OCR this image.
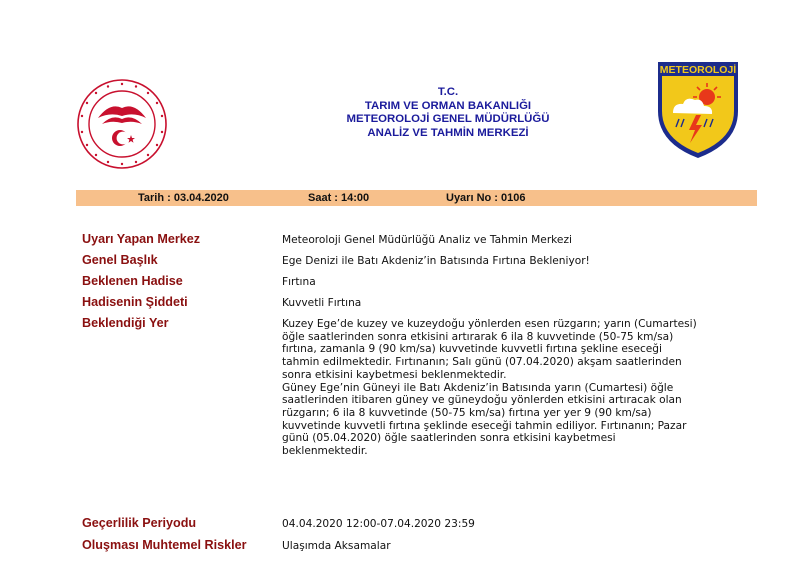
T.C.
TARIM VE ORMAN BAKANLIĞI
METEOROLOJİ GENEL MÜDÜRLÜĞÜ
ANALİZ VE TAHMİN MERKEZİ
METEOROLOJİ
Tarih : 03.04.2020	Saat : 14:00	Uyarı No : 0106
Uyarı Yapan Merkez	Meteoroloji Genel Müdürlüğü Analiz ve Tahmin Merkezi
Genel Başlık	Ege Denizi ile Batı Akdeniz’in Batısında Fırtına Bekleniyor!
Beklenen Hadise	Fırtına
Hadisenin Şiddeti	Kuvvetli Fırtına
Beklendiği Yer	Kuzey Ege’de kuzey ve kuzeydoğu yönlerden esen rüzgarın; yarın (Cumartesi)
öğle saatlerinden sonra etkisini artırarak 6 ila 8 kuvvetinde (50-75 km/sa)
fırtına, zamanla 9 (90 km/sa) kuvvetinde kuvvetli fırtına şekline eseceği
tahmin edilmektedir. Fırtınanın; Salı günü (07.04.2020) akşam saatlerinden
sonra etkisini kaybetmesi beklenmektedir.
Güney Ege’nin Güneyi ile Batı Akdeniz’in Batısında yarın (Cumartesi) öğle
saatlerinden itibaren güney ve güneydoğu yönlerden etkisini artıracak olan
rüzgarın; 6 ila 8 kuvvetinde (50-75 km/sa) fırtına yer yer 9 (90 km/sa)
kuvvetinde kuvvetli fırtına şeklinde eseceği tahmin ediliyor. Fırtınanın; Pazar
günü (05.04.2020) öğle saatlerinden sonra etkisini kaybetmesi
beklenmektedir.
Geçerlilik Periyodu	04.04.2020 12:00-07.04.2020 23:59
Oluşması Muhtemel Riskler	Ulaşımda Aksamalar
